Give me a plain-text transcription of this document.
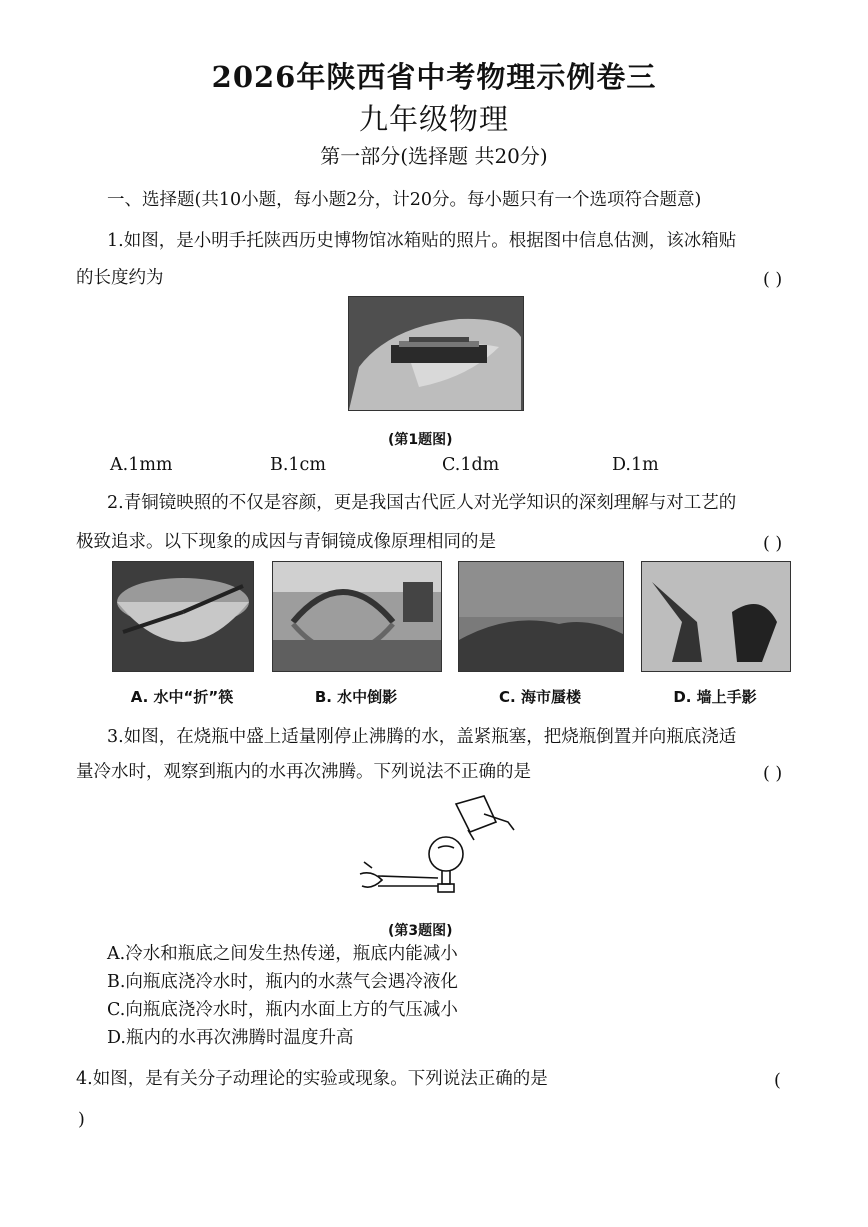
2026年陕西省中考物理示例卷三
九年级物理
第一部分(选择题 共20分)
一、选择题(共10小题，每小题2分，计20分。每小题只有一个选项符合题意)
1.如图，是小明手托陕西历史博物馆冰箱贴的照片。根据图中信息估测，该冰箱贴
的长度约为	( )
(第1题图)
A.1mm	B.1cm	C.1dm	D.1m
2.青铜镜映照的不仅是容颜，更是我国古代匠人对光学知识的深刻理解与对工艺的
极致追求。以下现象的成因与青铜镜成像原理相同的是	( )
A. 水中“折”筷	B. 水中倒影	C. 海市蜃楼	D. 墙上手影
3.如图，在烧瓶中盛上适量刚停止沸腾的水，盖紧瓶塞，把烧瓶倒置并向瓶底浇适
量冷水时，观察到瓶内的水再次沸腾。下列说法不正确的是	( )
(第3题图)
A.冷水和瓶底之间发生热传递，瓶底内能减小
B.向瓶底浇冷水时，瓶内的水蒸气会遇冷液化
C.向瓶底浇冷水时，瓶内水面上方的气压减小
D.瓶内的水再次沸腾时温度升高
4.如图，是有关分子动理论的实验或现象。下列说法正确的是	(
)
